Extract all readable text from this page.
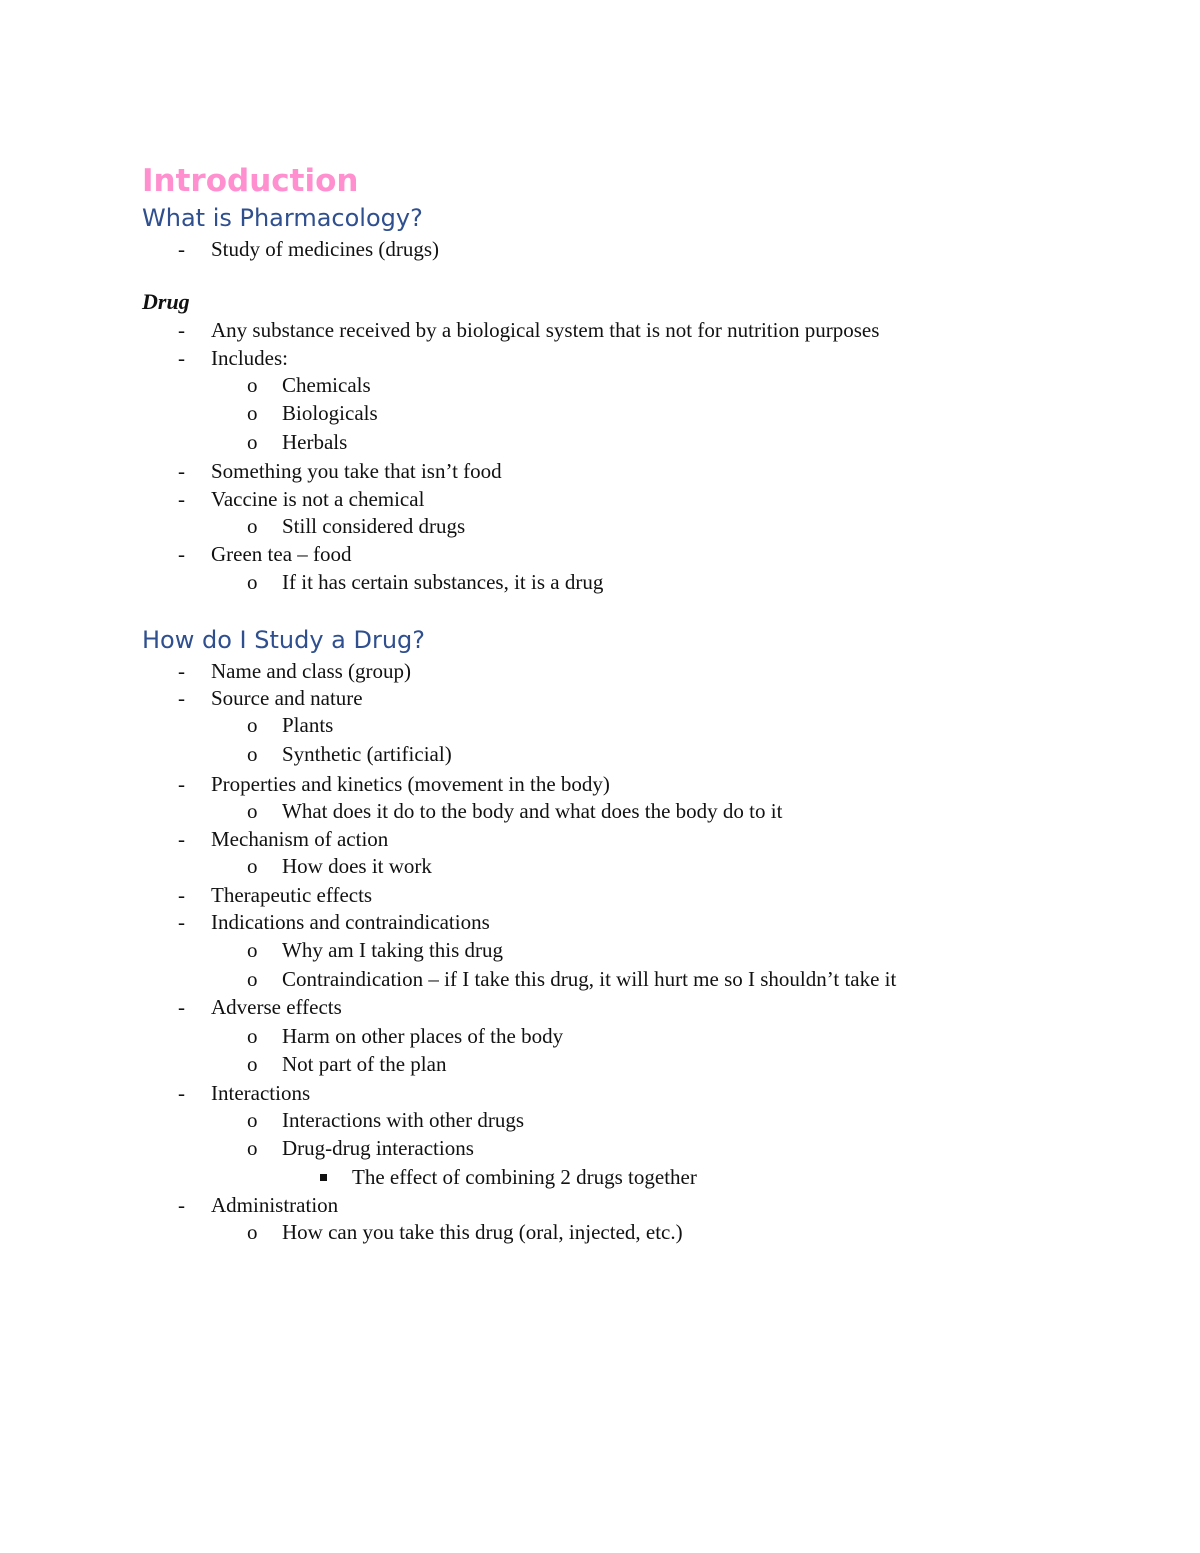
Introduction
What is Pharmacology?
Drug
How do I Study a Drug?
- Study of medicines (drugs)
- Any substance received by a biological system that is not for nutrition purposes
- Includes:
o Chemicals
o Biologicals
o Herbals
- Something you take that isn’t food
- Vaccine is not a chemical
o Still considered drugs
- Green tea – food
o If it has certain substances, it is a drug
- Name and class (group)
- Source and nature
o Plants
o Synthetic (artificial)
- Properties and kinetics (movement in the body)
o What does it do to the body and what does the body do to it
- Mechanism of action
o How does it work
- Therapeutic effects
- Indications and contraindications
o Why am I taking this drug
o Contraindication – if I take this drug, it will hurt me so I shouldn’t take it
- Adverse effects
o Harm on other places of the body
o Not part of the plan
- Interactions
o Interactions with other drugs
o Drug-drug interactions
The effect of combining 2 drugs together
- Administration
o How can you take this drug (oral, injected, etc.)
